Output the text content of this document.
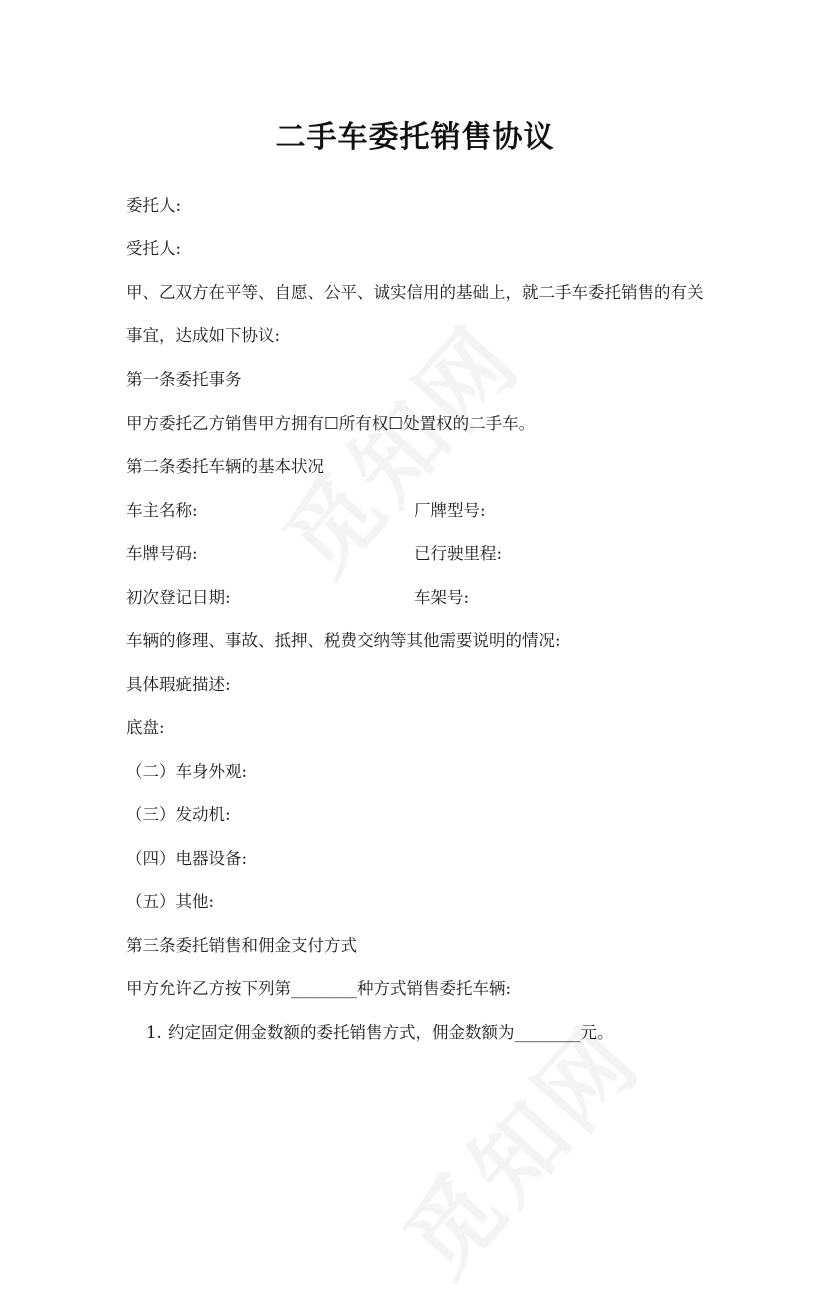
二手车委托销售协议
委托人:
受托人:
甲、乙双方在平等、自愿、公平、诚实信用的基础上，就二手车委托销售的有关
事宜，达成如下协议:
第一条委托事务
甲方委托乙方销售甲方拥有☐所有权☐处置权的二手车。
第二条委托车辆的基本状况
车主名称:	厂牌型号:
车牌号码:	已行驶里程:
初次登记日期:	车架号:
车辆的修理、事故、抵押、税费交纳等其他需要说明的情况:
具体瑕疵描述:
底盘:
（二）车身外观:
（三）发动机:
（四）电器设备:
（五）其他:
第三条委托销售和佣金支付方式
甲方允许乙方按下列第________种方式销售委托车辆:
1. 约定固定佣金数额的委托销售方式，佣金数额为________元。
